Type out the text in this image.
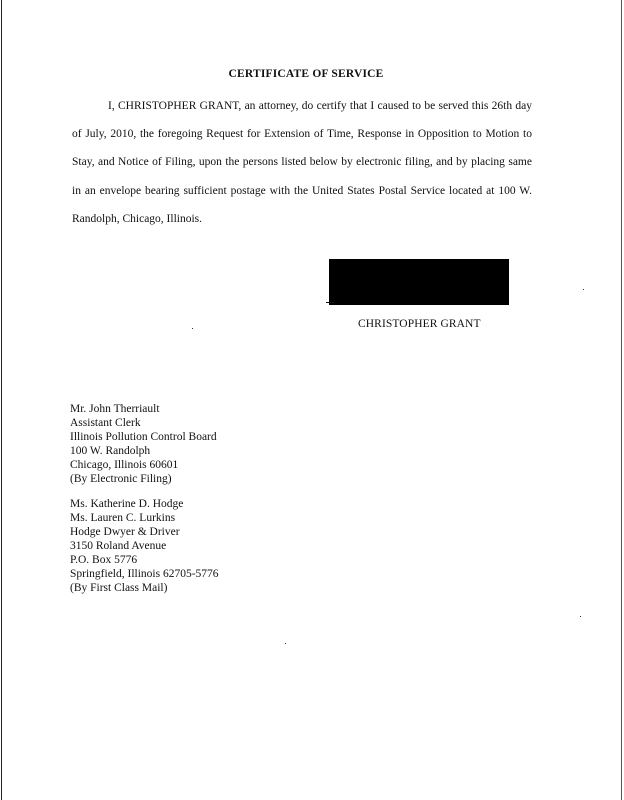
CERTIFICATE OF SERVICE
I, CHRISTOPHER GRANT, an attorney, do certify that I caused to be served this 26th day of July, 2010, the foregoing Request for Extension of Time, Response in Opposition to Motion to Stay, and Notice of Filing, upon the persons listed below by electronic filing, and by placing same in an envelope bearing sufficient postage with the United States Postal Service located at 100 W. Randolph, Chicago, Illinois.
CHRISTOPHER GRANT
Mr. John Therriault
Assistant Clerk
Illinois Pollution Control Board
100 W. Randolph
Chicago, Illinois 60601
(By Electronic Filing)
Ms. Katherine D. Hodge
Ms. Lauren C. Lurkins
Hodge Dwyer & Driver
3150 Roland Avenue
P.O. Box 5776
Springfield, Illinois 62705-5776
(By First Class Mail)
